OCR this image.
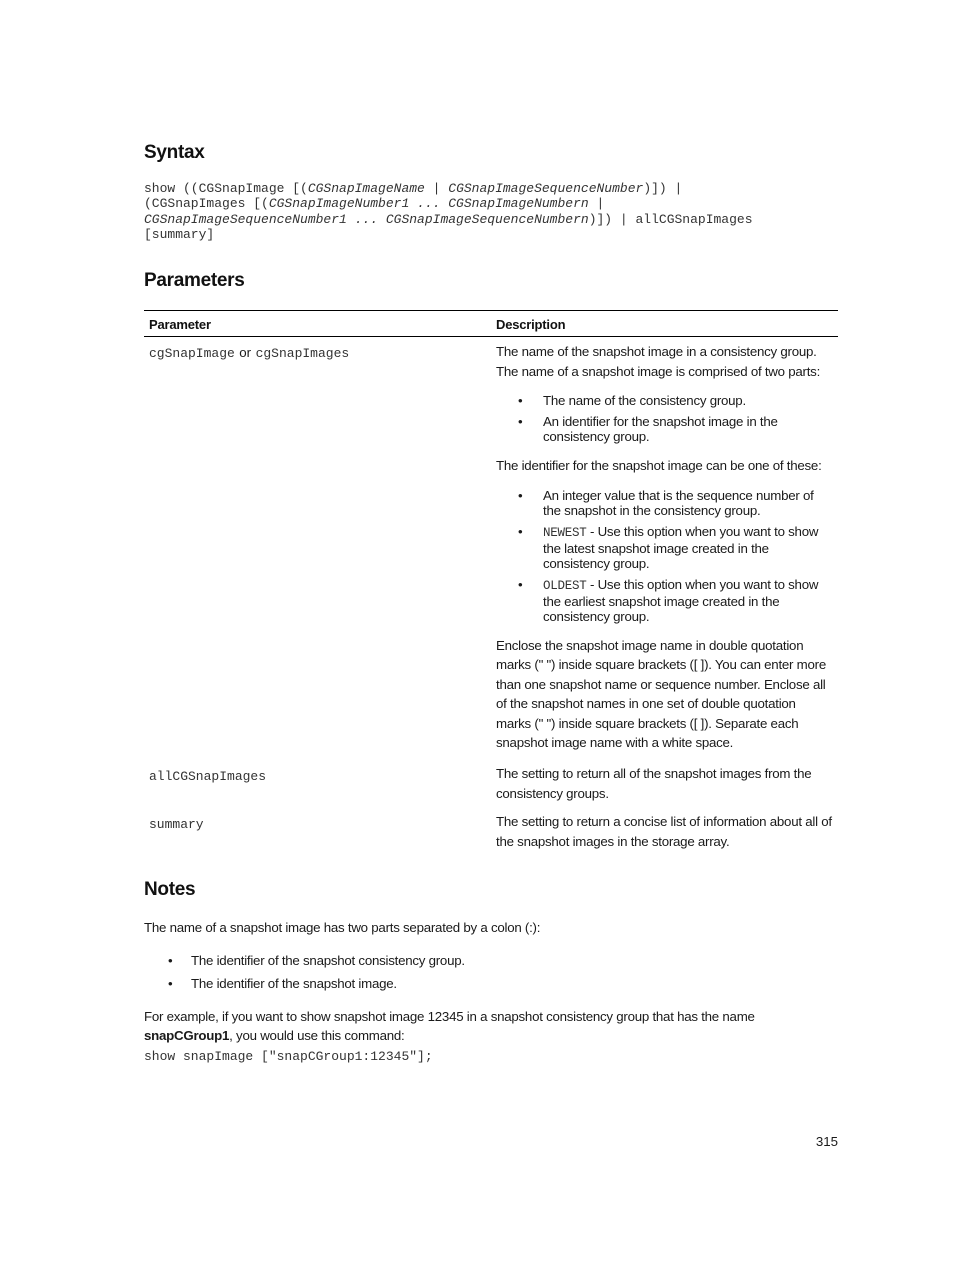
Syntax
show ((CGSnapImage [(CGSnapImageName | CGSnapImageSequenceNumber)]) |
(CGSnapImages [(CGSnapImageNumber1 ... CGSnapImageNumbern |
CGSnapImageSequenceNumber1 ... CGSnapImageSequenceNumbern)]) | allCGSnapImages
[summary]
Parameters
Parameter	Description
cgSnapImage or cgSnapImages	The name of the snapshot image in a consistency group.

The name of a snapshot image is comprised of two parts:

• The name of the consistency group.
• An identifier for the snapshot image in the consistency group.

The identifier for the snapshot image can be one of these:

• An integer value that is the sequence number of the snapshot in the consistency group.
• NEWEST - Use this option when you want to show the latest snapshot image created in the consistency group.
• OLDEST - Use this option when you want to show the earliest snapshot image created in the consistency group.

Enclose the snapshot image name in double quotation marks (" ") inside square brackets ([ ]). You can enter more than one snapshot name or sequence number. Enclose all of the snapshot names in one set of double quotation marks (" ") inside square brackets ([ ]). Separate each snapshot image name with a white space.

allCGSnapImages	The setting to return all of the snapshot images from the consistency groups.

summary	The setting to return a concise list of information about all of the snapshot images in the storage array.

Notes
The name of a snapshot image has two parts separated by a colon (:):
• The identifier of the snapshot consistency group.
• The identifier of the snapshot image.
For example, if you want to show snapshot image 12345 in a snapshot consistency group that has the name
snapCGroup1, you would use this command:
show snapImage ["snapCGroup1:12345"];
315
